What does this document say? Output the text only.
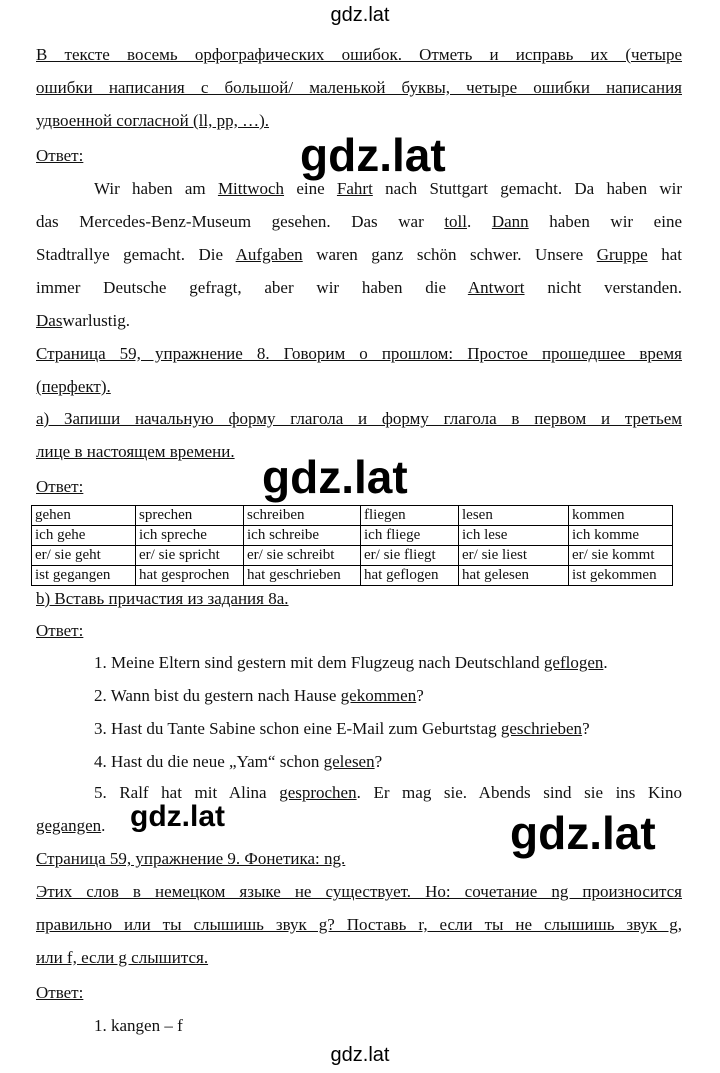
gdz.lat
В тексте восемь орфографических ошибок. Отметь и исправь их (четыре
ошибки написания с большой/ маленькой буквы, четыре ошибки написания
удвоенной согласной (ll, pp, …).
Ответ:
Wir haben am Mittwoch eine Fahrt nach Stuttgart gemacht. Da haben wir
das Mercedes-Benz-Museum gesehen. Das war toll. Dann haben wir eine
Stadtrallye gemacht. Die Aufgaben waren ganz schön schwer. Unsere Gruppe hat
immer Deutsche gefragt, aber wir haben die Antwort nicht verstanden.
Daswarlustig.
gdz.lat
Страница 59, упражнение 8. Говорим о прошлом: Простое прошедшее время
(перфект).
а) Запиши начальную форму глагола и форму глагола в первом и третьем
лице в настоящем времени.
Ответ:	gdz.lat
gehen	sprechen	schreiben	fliegen	lesen	kommen
ich gehe	ich spreche	ich schreibe	ich fliege	ich lese	ich komme
er/ sie geht	er/ sie spricht	er/ sie schreibt	er/ sie fliegt	er/ sie liest	er/ sie kommt
ist gegangen	hat gesprochen	hat geschrieben	hat geflogen	hat gelesen	ist gekommen
b) Вставь причастия из задания 8а.
Ответ:
1. Meine Eltern sind gestern mit dem Flugzeug nach Deutschland geflogen.
2. Wann bist du gestern nach Hause gekommen?
3. Hast du Tante Sabine schon eine E-Mail zum Geburtstag geschrieben?
4. Hast du die neue „Yam“ schon gelesen?
5. Ralf hat mit Alina gesprochen. Er mag sie. Abends sind sie ins Kino
gegangen. gdz.lat	gdz.lat
Страница 59, упражнение 9. Фонетика: ng.
Этих слов в немецком языке не существует. Но: сочетание ng произносится
правильно или ты слышишь звук g? Поставь r, если ты не слышишь звук g,
или f, если g слышится.
Ответ:
1. kangen – f
gdz.lat
